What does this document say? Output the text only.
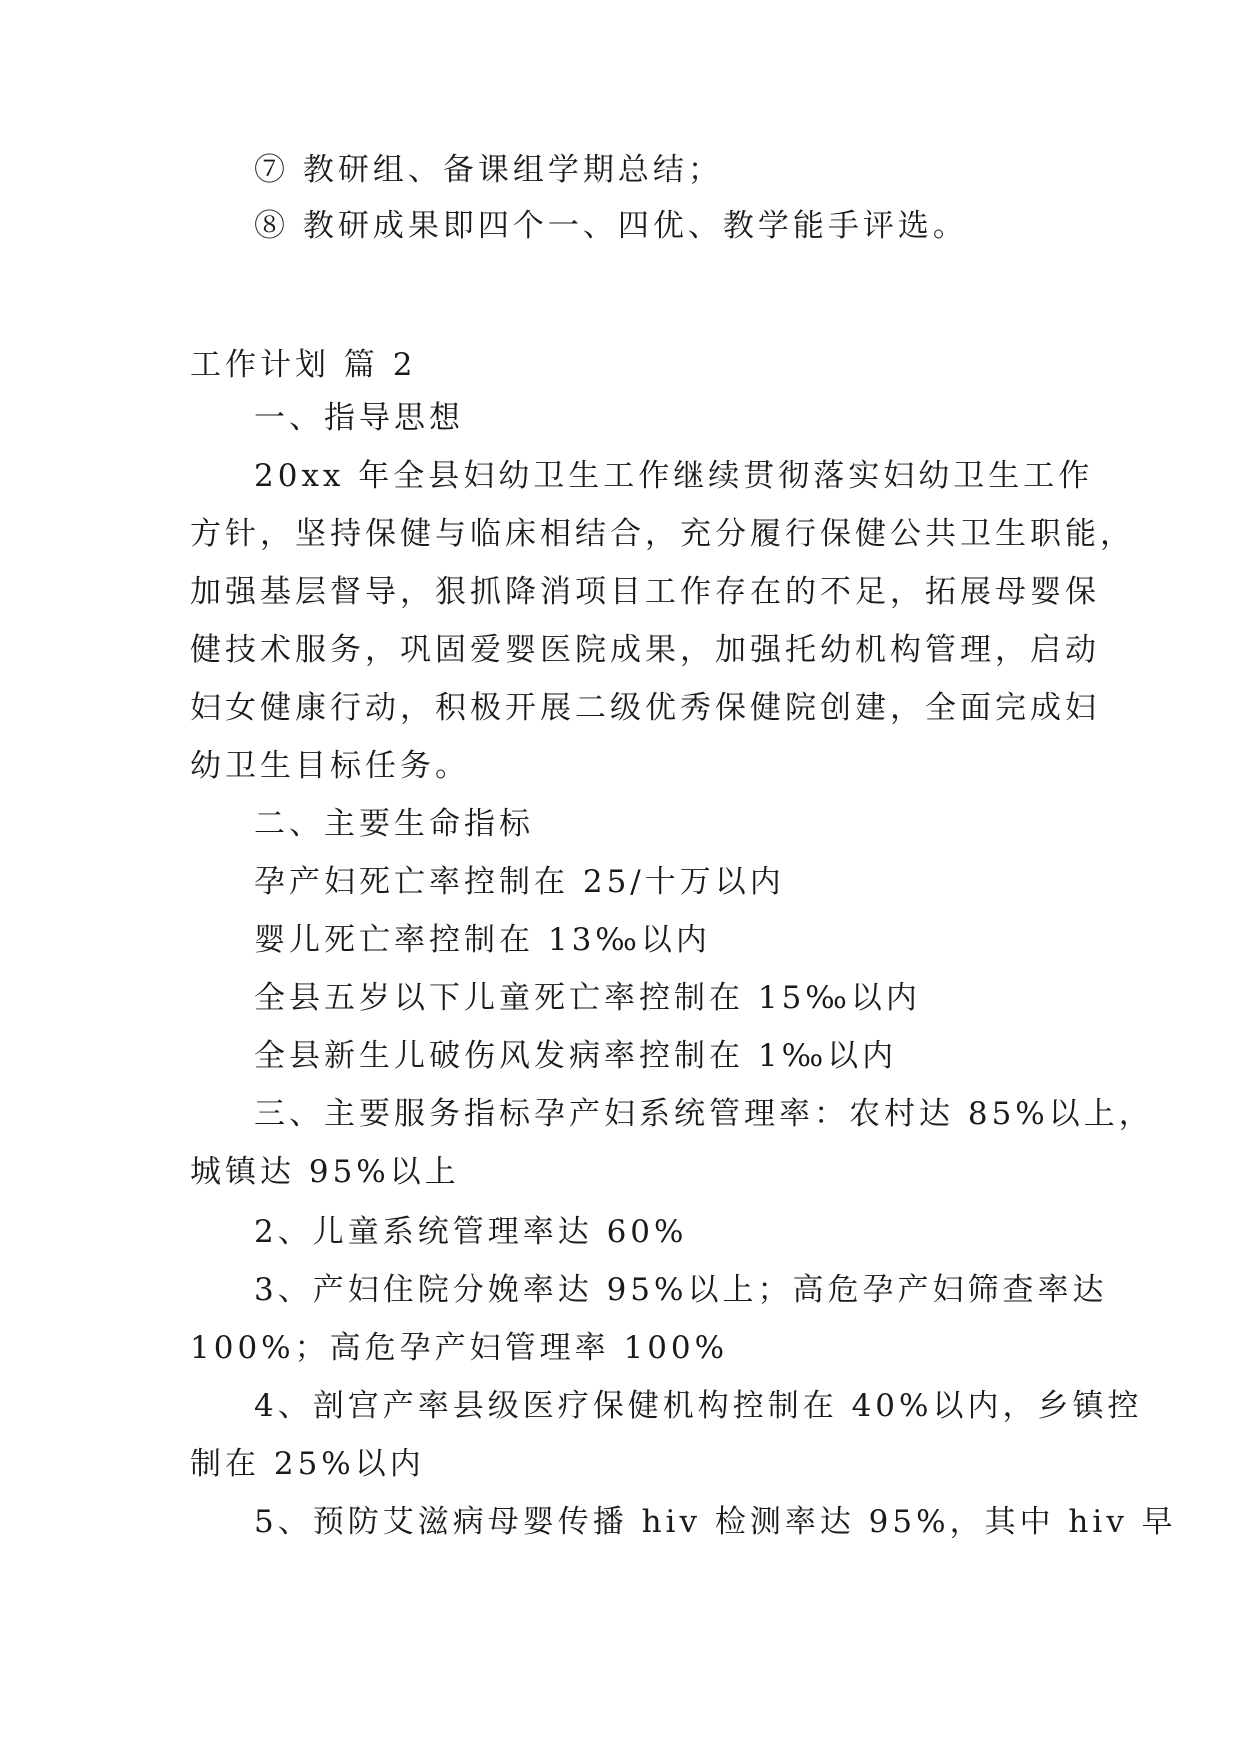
⑦ 教研组、备课组学期总结；
⑧ 教研成果即四个一、四优、教学能手评选。
工作计划 篇 2
一、指导思想
20xx 年全县妇幼卫生工作继续贯彻落实妇幼卫生工作
方针，坚持保健与临床相结合，充分履行保健公共卫生职能，
加强基层督导，狠抓降消项目工作存在的不足，拓展母婴保
健技术服务，巩固爱婴医院成果，加强托幼机构管理，启动
妇女健康行动，积极开展二级优秀保健院创建，全面完成妇
幼卫生目标任务。
二、主要生命指标
孕产妇死亡率控制在 25/十万以内
婴儿死亡率控制在 13‰以内
全县五岁以下儿童死亡率控制在 15‰以内
全县新生儿破伤风发病率控制在 1‰以内
三、主要服务指标孕产妇系统管理率：农村达 85%以上，
城镇达 95%以上
2、儿童系统管理率达 60%
3、产妇住院分娩率达 95%以上；高危孕产妇筛查率达
100%；高危孕产妇管理率 100%
4、剖宫产率县级医疗保健机构控制在 40%以内，乡镇控
制在 25%以内
5、预防艾滋病母婴传播 hiv 检测率达 95%，其中 hiv 早
